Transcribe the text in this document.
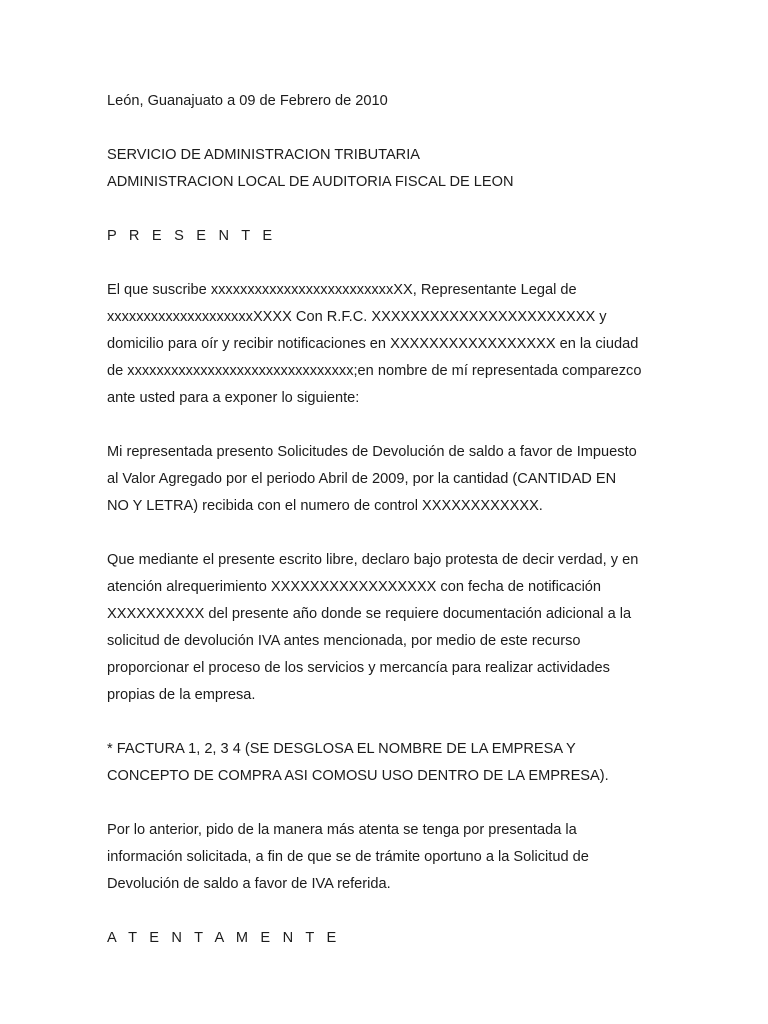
León, Guanajuato a 09 de Febrero de 2010

SERVICIO DE ADMINISTRACION TRIBUTARIA

ADMINISTRACION LOCAL DE AUDITORIA FISCAL DE LEON

P R E S E N T E

El que suscribe xxxxxxxxxxxxxxxxxxxxxxxxxXX, Representante Legal de

xxxxxxxxxxxxxxxxxxxxXXXX Con R.F.C. XXXXXXXXXXXXXXXXXXXXXXX y

domicilio para oír y recibir notificaciones en XXXXXXXXXXXXXXXXX en la ciudad

de xxxxxxxxxxxxxxxxxxxxxxxxxxxxxxx;en nombre de mí representada comparezco

ante usted para a exponer lo siguiente:

Mi representada presento Solicitudes de Devolución de saldo a favor de Impuesto

al Valor Agregado por el periodo Abril de 2009, por la cantidad (CANTIDAD EN

NO Y LETRA) recibida con el numero de control XXXXXXXXXXXX.

Que mediante el presente escrito libre, declaro bajo protesta de decir verdad, y en

atención alrequerimiento XXXXXXXXXXXXXXXXX con fecha de notificación

XXXXXXXXXX del presente año donde se requiere documentación adicional a la

solicitud de devolución IVA antes mencionada, por medio de este recurso

proporcionar el proceso de los servicios y mercancía para realizar actividades

propias de la empresa.

* FACTURA 1, 2, 3 4 (SE DESGLOSA EL NOMBRE DE LA EMPRESA Y

CONCEPTO DE COMPRA ASI COMOSU USO DENTRO DE LA EMPRESA).

Por lo anterior, pido de la manera más atenta se tenga por presentada la

información solicitada, a fin de que se de trámite oportuno a la Solicitud de

Devolución de saldo a favor de IVA referida.

A T E N T A M E N T E
